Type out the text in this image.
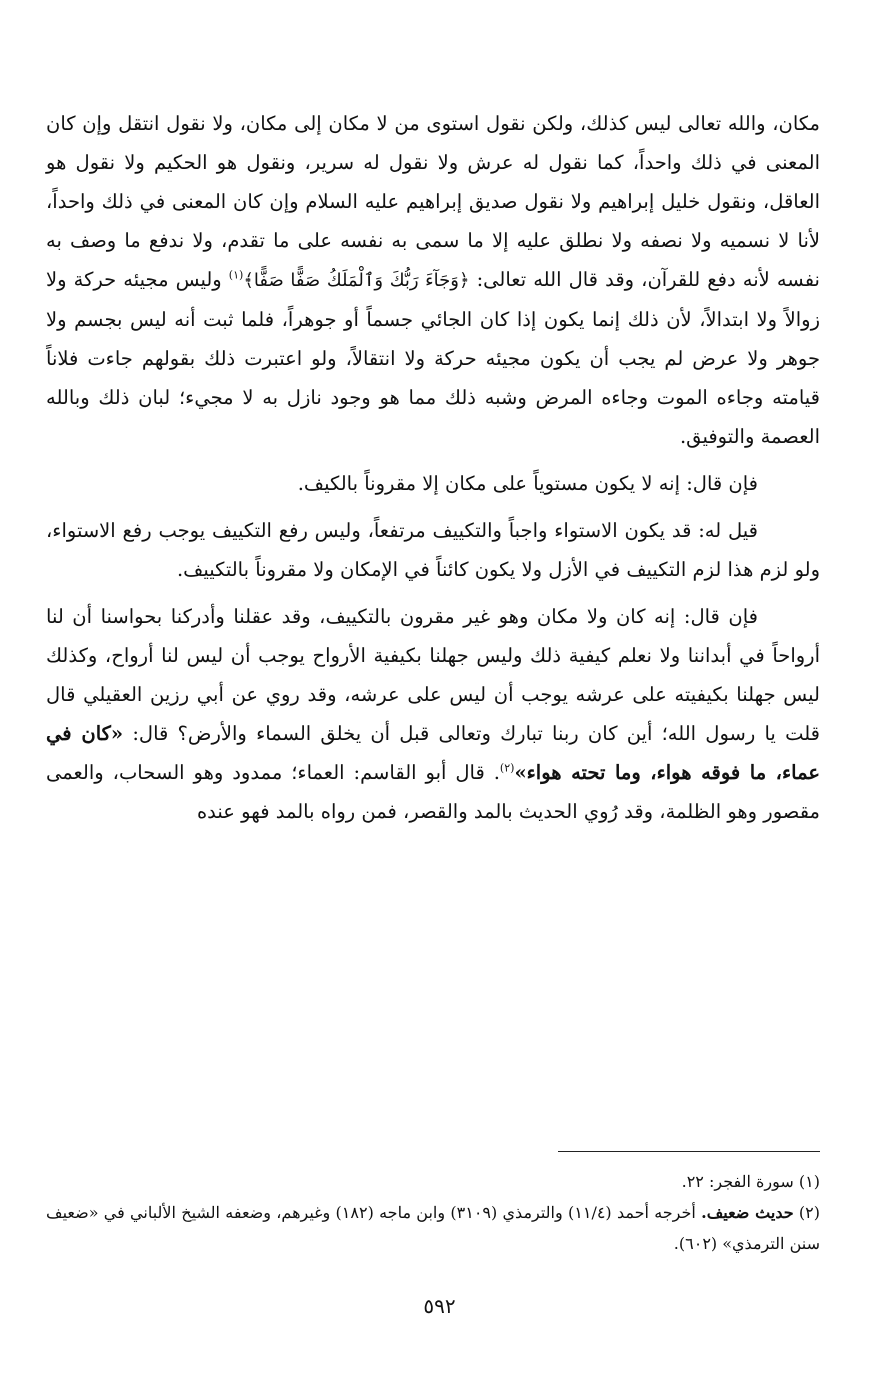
مكان، والله تعالى ليس كذلك، ولكن نقول استوى من لا مكان إلى مكان، ولا نقول انتقل وإن كان المعنى في ذلك واحداً، كما نقول له عرش ولا نقول له سرير، ونقول هو الحكيم ولا نقول هو العاقل، ونقول خليل إبراهيم ولا نقول صديق إبراهيم عليه السلام وإن كان المعنى في ذلك واحداً، لأنا لا نسميه ولا نصفه ولا نطلق عليه إلا ما سمى به نفسه على ما تقدم، ولا ندفع ما وصف به نفسه لأنه دفع للقرآن، وقد قال الله تعالى: ﴿وَجَآءَ رَبُّكَ وَٱلْمَلَكُ صَفًّا صَفًّا﴾$^{(١)}$ وليس مجيئه حركة ولا زوالاً ولا ابتدالاً، لأن ذلك إنما يكون إذا كان الجائي جسماً أو جوهراً، فلما ثبت أنه ليس بجسم ولا جوهر ولا عرض لم يجب أن يكون مجيئه حركة ولا انتقالاً، ولو اعتبرت ذلك بقولهم جاءت فلاناً قيامته وجاءه الموت وجاءه المرض وشبه ذلك مما هو وجود نازل به لا مجيء؛ لبان ذلك وبالله العصمة والتوفيق.

فإن قال: إنه لا يكون مستوياً على مكان إلا مقروناً بالكيف.

قيل له: قد يكون الاستواء واجباً والتكييف مرتفعاً، وليس رفع التكييف يوجب رفع الاستواء، ولو لزم هذا لزم التكييف في الأزل ولا يكون كائناً في الإمكان ولا مقروناً بالتكييف.

فإن قال: إنه كان ولا مكان وهو غير مقرون بالتكييف، وقد عقلنا وأدركنا بحواسنا أن لنا أرواحاً في أبداننا ولا نعلم كيفية ذلك وليس جهلنا بكيفية الأرواح يوجب أن ليس لنا أرواح، وكذلك ليس جهلنا بكيفيته على عرشه يوجب أن ليس على عرشه، وقد روي عن أبي رزين العقيلي قال قلت يا رسول الله؛ أين كان ربنا تبارك وتعالى قبل أن يخلق السماء والأرض؟ قال: «كان في عماء، ما فوقه هواء، وما تحته هواء»$^{(٢)}$. قال أبو القاسم: العماء؛ ممدود وهو السحاب، والعمى مقصور وهو الظلمة، وقد رُوي الحديث بالمد والقصر، فمن رواه بالمد فهو عنده

(١) سورة الفجر: ٢٢.

(٢) حديث ضعيف. أخرجه أحمد (١١/٤) والترمذي (٣١٠٩) وابن ماجه (١٨٢) وغيرهم، وضعفه الشيخ الألباني في «ضعيف سنن الترمذي» (٦٠٢).

٥٩٢
